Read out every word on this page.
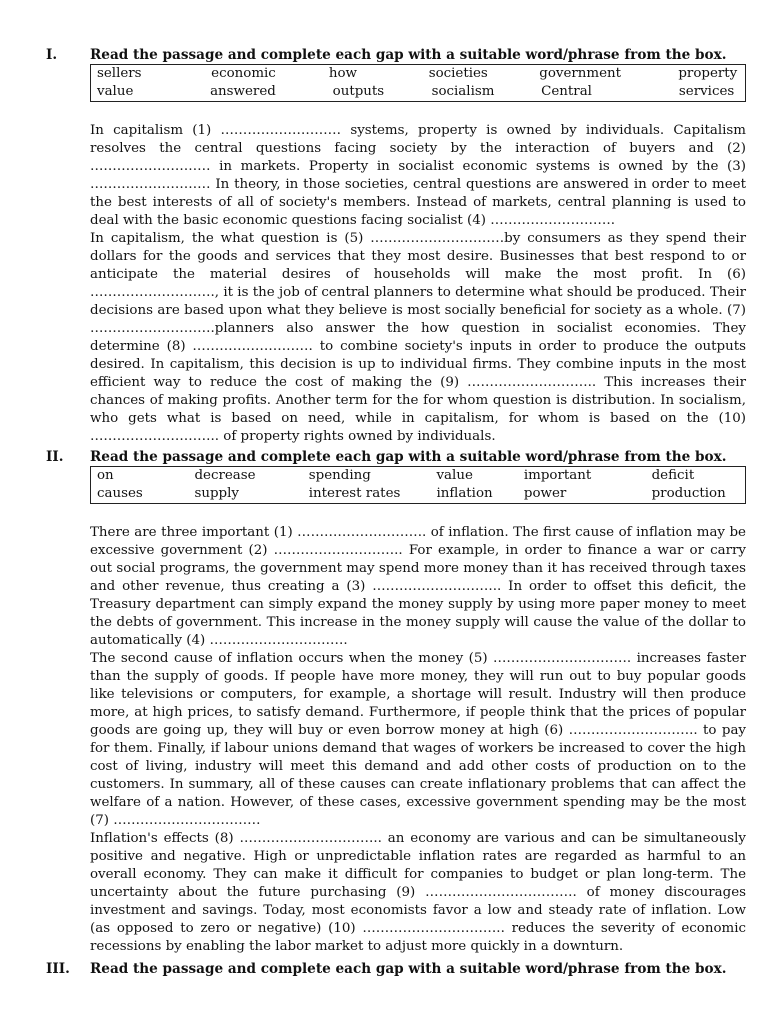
I.	Read the passage and complete each gap with a suitable word/phrase from the box.
sellers	economic	how	societies	government	property
value	answered	outputs	socialism	Central	services

In capitalism (1) ……………………… systems, property is owned by individuals. Capitalism resolves the central questions facing society by the interaction of buyers and (2) ……………………… in markets. Property in socialist economic systems is owned by the (3) ……………………… In theory, in those societies, central questions are answered in order to meet the best interests of all of society's members. Instead of markets, central planning is used to deal with the basic economic questions facing socialist (4) ……………………….

In capitalism, the what question is (5) …………………………by consumers as they spend their dollars for the goods and services that they most desire. Businesses that best respond to or anticipate the material desires of households will make the most profit. In (6) ………………………., it is the job of central planners to determine what should be produced. Their decisions are based upon what they believe is most socially beneficial for society as a whole. (7) ……………………….planners also answer the how question in socialist economies. They determine (8) ……………………… to combine society's inputs in order to produce the outputs desired. In capitalism, this decision is up to individual firms. They combine inputs in the most efficient way to reduce the cost of making the (9) ……………………….. This increases their chances of making profits. Another term for the for whom question is distribution. In socialism, who gets what is based on need, while in capitalism, for whom is based on the (10) ……………………….. of property rights owned by individuals.

II.	Read the passage and complete each gap with a suitable word/phrase from the box.
on	decrease	spending	value	important	deficit
causes	supply	interest rates	inflation	power	production

There are three important (1) ……………………….. of inflation. The first cause of inflation may be excessive government (2) ……………………….. For example, in order to finance a war or carry out social programs, the government may spend more money than it has received through taxes and other revenue, thus creating a (3) ……………………….. In order to offset this deficit, the Treasury department can simply expand the money supply by using more paper money to meet the debts of government. This increase in the money supply will cause the value of the dollar to automatically (4) ………………………….

The second cause of inflation occurs when the money (5) …………………………. increases faster than the supply of goods. If people have more money, they will run out to buy popular goods like televisions or computers, for example, a shortage will result. Industry will then produce more, at high prices, to satisfy demand. Furthermore, if people think that the prices of popular goods are going up, they will buy or even borrow money at high (6) ……………………….. to pay for them. Finally, if labour unions demand that wages of workers be increased to cover the high cost of living, industry will meet this demand and add other costs of production on to the customers. In summary, all of these causes can create inflationary problems that can affect the welfare of a nation. However, of these cases, excessive government spending may be the most (7) ……………………………

Inflation's effects (8) ………………………….. an economy are various and can be simultaneously positive and negative. High or unpredictable inflation rates are regarded as harmful to an overall economy. They can make it difficult for companies to budget or plan long-term. The uncertainty about the future purchasing (9) ……………………………. of money discourages investment and savings. Today, most economists favor a low and steady rate of inflation. Low (as opposed to zero or negative) (10) ………………………….. reduces the severity of economic recessions by enabling the labor market to adjust more quickly in a downturn.

III.	Read the passage and complete each gap with a suitable word/phrase from the box.
